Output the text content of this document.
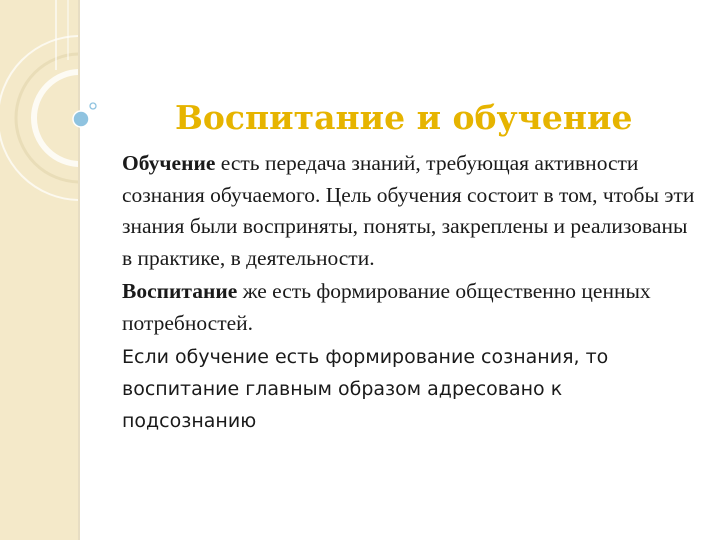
Воспитание и обучение

Обучение есть передача знаний, требующая активности сознания обучаемого. Цель обучения состоит в том, чтобы эти знания были восприняты, поняты, закреплены и реализованы в практике, в деятельности.

Воспитание же есть формирование общественно ценных потребностей.

Если обучение есть формирование сознания, то воспитание главным образом адресовано к подсознанию
